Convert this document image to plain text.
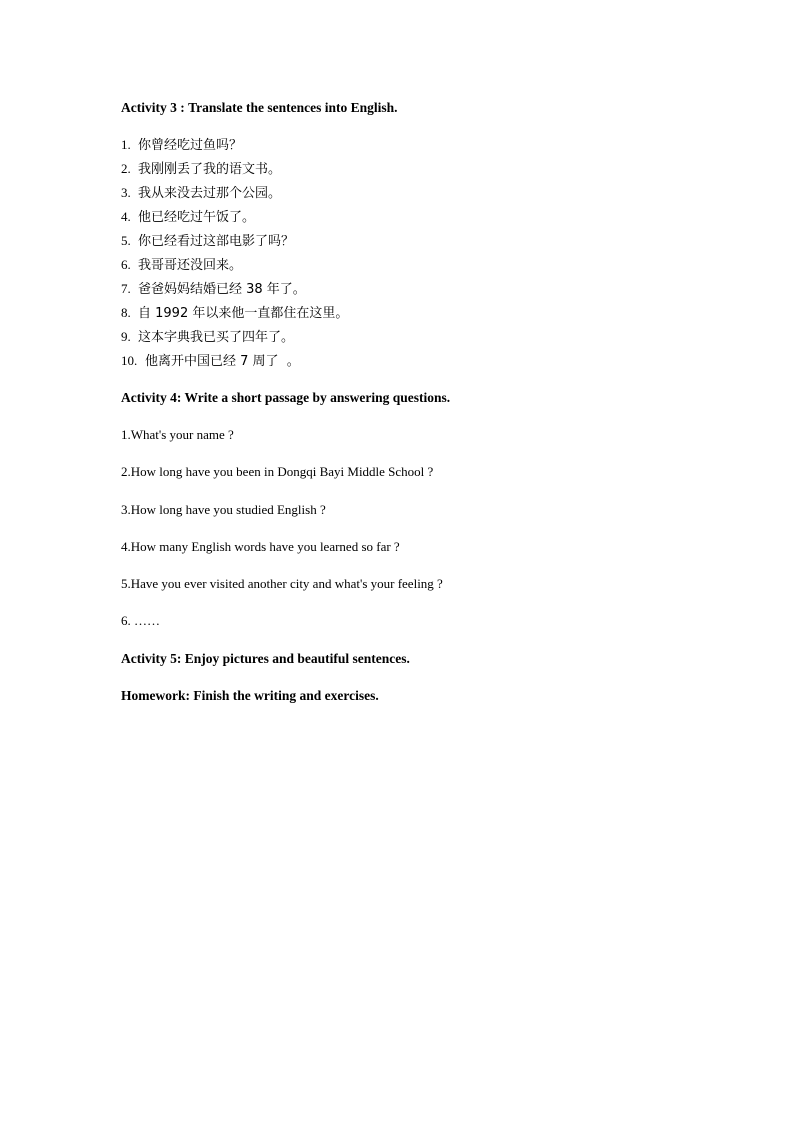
Activity 3 : Translate the sentences into English.
1. 你曾经吃过鱼吗？
2. 我刚刚丢了我的语文书。
3. 我从来没去过那个公园。
4. 他已经吃过午饭了。
5. 你已经看过这部电影了吗？
6. 我哥哥还没回来。
7. 爸爸妈妈结婚已经 38 年了。
8. 自 1992 年以来他一直都住在这里。
9. 这本字典我已买了四年了。
10. 他离开中国已经 7 周了  。
Activity 4: Write a short passage by answering questions.
1.What's your name ?
2.How long have you been in Dongqi Bayi Middle School ?
3.How long have you studied English ?
4.How many English words have you learned so far ?
5.Have you ever visited another city and what's your feeling ?
6. ……
Activity 5: Enjoy pictures and beautiful sentences.
Homework: Finish the writing and exercises.
